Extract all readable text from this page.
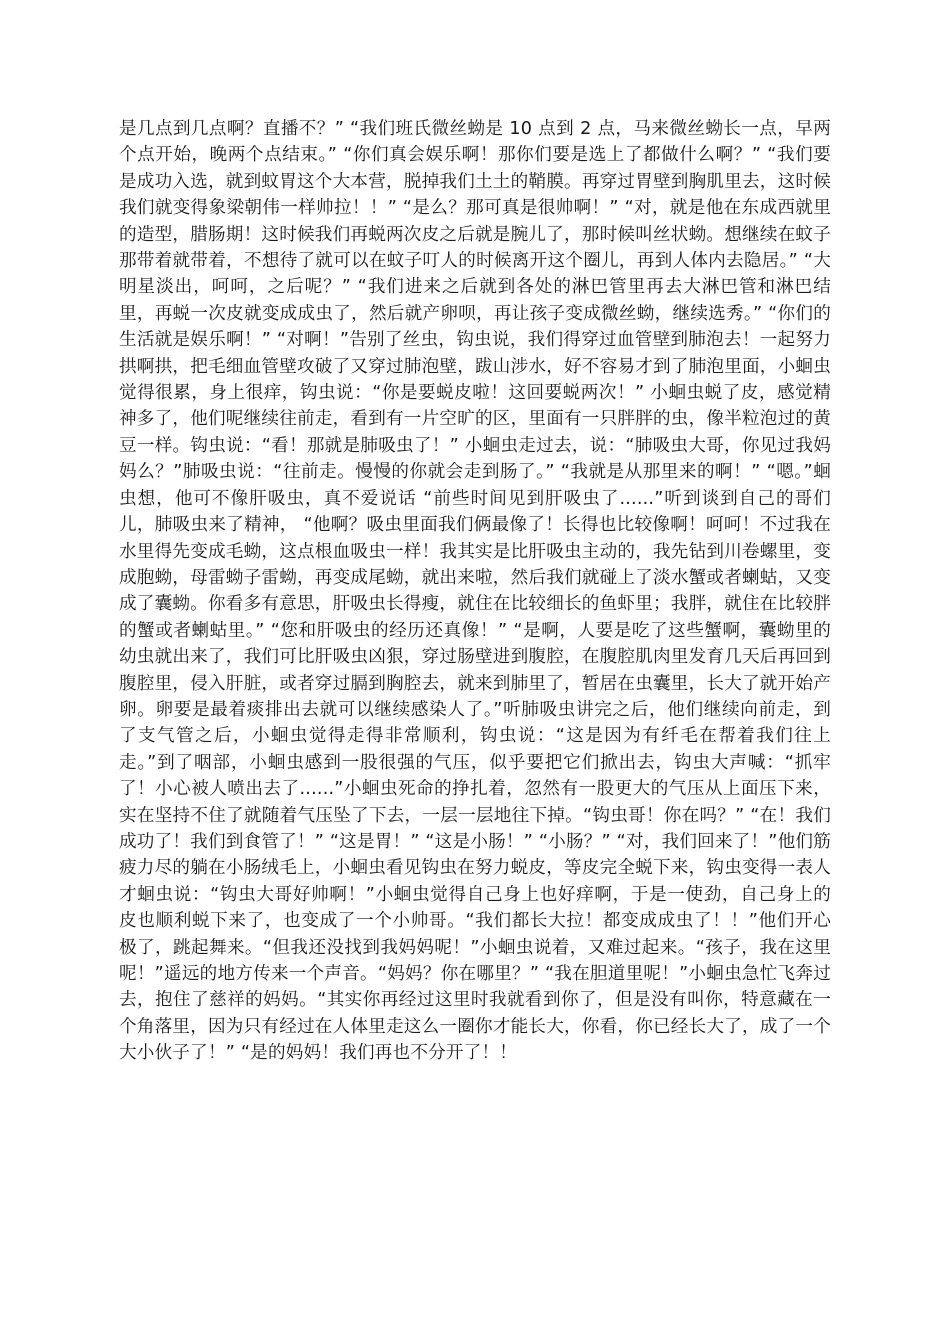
是几点到几点啊？直播不？” “我们班氏微丝蚴是 10 点到 2 点，马来微丝蚴长一点，早两个点开始，晚两个点结束。” “你们真会娱乐啊！那你们要是选上了都做什么啊？” “我们要是成功入选，就到蚊胃这个大本营，脱掉我们土土的鞘膜。再穿过胃壁到胸肌里去，这时候我们就变得象梁朝伟一样帅拉！！” “是么？那可真是很帅啊！” “对，就是他在东成西就里的造型，腊肠期！这时候我们再蜕两次皮之后就是腕儿了，那时候叫丝状蚴。想继续在蚊子那带着就带着，不想待了就可以在蚊子叮人的时候离开这个圈儿，再到人体内去隐居。” “大明星淡出，呵呵，之后呢？” “我们进来之后就到各处的淋巴管里再去大淋巴管和淋巴结里，再蜕一次皮就变成成虫了，然后就产卵呗，再让孩子变成微丝蚴，继续选秀。” “你们的生活就是娱乐啊！” “对啊！”告别了丝虫，钩虫说，我们得穿过血管壁到肺泡去！一起努力拱啊拱，把毛细血管壁攻破了又穿过肺泡壁，跋山涉水，好不容易才到了肺泡里面，小蛔虫觉得很累，身上很痒，钩虫说：“你是要蜕皮啦！这回要蜕两次！” 小蛔虫蜕了皮，感觉精神多了，他们呢继续往前走，看到有一片空旷的区，里面有一只胖胖的虫，像半粒泡过的黄豆一样。钩虫说：“看！那就是肺吸虫了！” 小蛔虫走过去，说：“肺吸虫大哥，你见过我妈妈么？”肺吸虫说：“往前走。慢慢的你就会走到肠了。” “我就是从那里来的啊！” “嗯。”蛔虫想，他可不像肝吸虫，真不爱说话 “前些时间见到肝吸虫了......”听到谈到自己的哥们儿，肺吸虫来了精神， “他啊？吸虫里面我们俩最像了！长得也比较像啊！呵呵！不过我在水里得先变成毛蚴，这点根血吸虫一样！我其实是比肝吸虫主动的，我先钻到川卷螺里，变成胞蚴，母雷蚴子雷蚴，再变成尾蚴，就出来啦，然后我们就碰上了淡水蟹或者蝲蛄，又变成了囊蚴。你看多有意思，肝吸虫长得瘦，就住在比较细长的鱼虾里；我胖，就住在比较胖的蟹或者蝲蛄里。” “您和肝吸虫的经历还真像！” “是啊，人要是吃了这些蟹啊，囊蚴里的幼虫就出来了，我们可比肝吸虫凶狠，穿过肠壁进到腹腔，在腹腔肌肉里发育几天后再回到腹腔里，侵入肝脏，或者穿过膈到胸腔去，就来到肺里了，暂居在虫囊里，长大了就开始产卵。卵要是最着痰排出去就可以继续感染人了。”听肺吸虫讲完之后，他们继续向前走，到了支气管之后，小蛔虫觉得走得非常顺利，钩虫说：“这是因为有纤毛在帮着我们往上走。”到了咽部，小蛔虫感到一股很强的气压，似乎要把它们掀出去，钩虫大声喊：“抓牢了！小心被人喷出去了......”小蛔虫死命的挣扎着，忽然有一股更大的气压从上面压下来，实在坚持不住了就随着气压坠了下去，一层一层地往下掉。“钩虫哥！你在吗？” “在！我们成功了！我们到食管了！” “这是胃！” “这是小肠！” “小肠？” “对，我们回来了！”他们筋疲力尽的躺在小肠绒毛上，小蛔虫看见钩虫在努力蜕皮，等皮完全蜕下来，钩虫变得一表人才蛔虫说：“钩虫大哥好帅啊！”小蛔虫觉得自己身上也好痒啊，于是一使劲，自己身上的皮也顺利蜕下来了，也变成了一个小帅哥。“我们都长大拉！都变成成虫了！！”他们开心极了，跳起舞来。“但我还没找到我妈妈呢！”小蛔虫说着，又难过起来。“孩子，我在这里呢！”遥远的地方传来一个声音。“妈妈？你在哪里？” “我在胆道里呢！”小蛔虫急忙飞奔过去，抱住了慈祥的妈妈。“其实你再经过这里时我就看到你了，但是没有叫你，特意藏在一个角落里，因为只有经过在人体里走这么一圈你才能长大，你看，你已经长大了，成了一个大小伙子了！” “是的妈妈！我们再也不分开了！！
